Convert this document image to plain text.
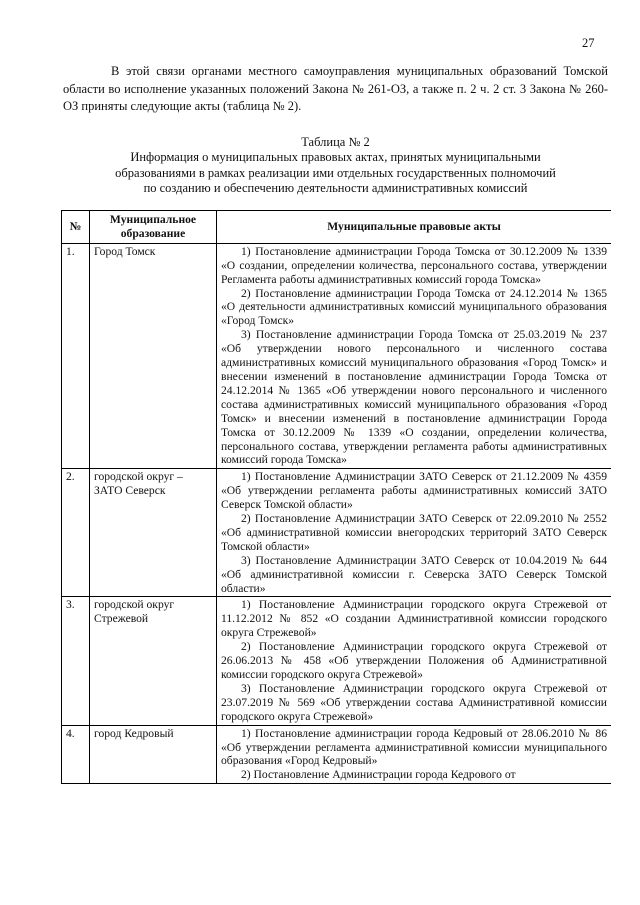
27

В этой связи органами местного самоуправления муниципальных образований Томской области во исполнение указанных положений Закона № 261-ОЗ, а также п. 2 ч. 2 ст. 3 Закона № 260-ОЗ приняты следующие акты (таблица № 2).

Таблица № 2
Информация о муниципальных правовых актах, принятых муниципальными
образованиями в рамках реализации ими отдельных государственных полномочий
по созданию и обеспечению деятельности административных комиссий
№	Муниципальное образование	Муниципальные правовые акты
1.	Город Томск	1) Постановление администрации Города Томска от 30.12.2009 № 1339 «О создании, определении количества, персонального состава, утверждении Регламента работы административных комиссий города Томска»

2) Постановление администрации Города Томска от 24.12.2014 № 1365 «О деятельности административных комиссий муниципального образования «Город Томск»

3) Постановление администрации Города Томска от 25.03.2019 № 237 «Об утверждении нового персонального и численного состава административных комиссий муниципального образования «Город Томск» и внесении изменений в постановление администрации Города Томска от 24.12.2014 № 1365 «Об утверждении нового персонального и численного состава административных комиссий муниципального образования «Город Томск» и внесении изменений в постановление администрации Города Томска от 30.12.2009 № 1339 «О создании, определении количества, персонального состава, утверждении регламента работы административных комиссий города Томска»

2.	городской округ – ЗАТО Северск	1) Постановление Администрации ЗАТО Северск от 21.12.2009 № 4359 «Об утверждении регламента работы административных комиссий ЗАТО Северск Томской области»

2) Постановление Администрации ЗАТО Северск от 22.09.2010 № 2552 «Об административной комиссии внегородских территорий ЗАТО Северск Томской области»

3) Постановление Администрации ЗАТО Северск от 10.04.2019 № 644 «Об административной комиссии г. Северска ЗАТО Северск Томской области»

3.	городской округ Стрежевой	1) Постановление Администрации городского округа Стрежевой от 11.12.2012 № 852 «О создании Административной комиссии городского округа Стрежевой»

2) Постановление Администрации городского округа Стрежевой от 26.06.2013 № 458 «Об утверждении Положения об Административной комиссии городского округа Стрежевой»

3) Постановление Администрации городского округа Стрежевой от 23.07.2019 № 569 «Об утверждении состава Административной комиссии городского округа Стрежевой»

4.	город Кедровый	1) Постановление администрации города Кедровый от 28.06.2010 № 86 «Об утверждении регламента административной комиссии муниципального образования «Город Кедровый»

2) Постановление Администрации города Кедрового от
